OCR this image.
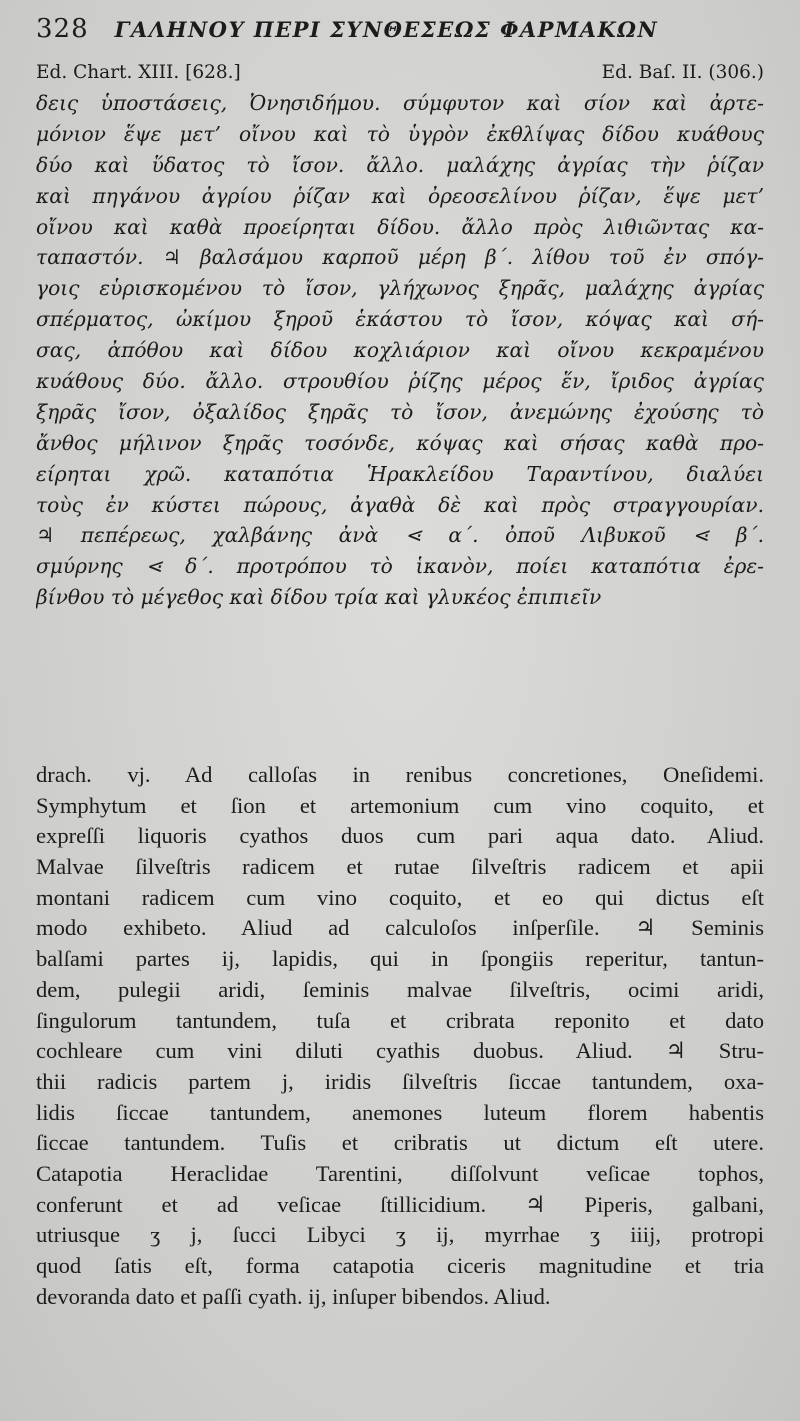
328 ΓΑΛΗΝΟΥ ΠΕΡΙ ΣΥΝΘΕΣΕΩΣ ΦΑΡΜΑΚΩΝ
Ed. Chart. XIII. [628.]	Ed. Baſ. II. (306.)
δεις ὑποστάσεις, Ὀνησιδήμου. σύμφυτον καὶ σίον καὶ ἀρτε-
μόνιον ἕψε μετ’ οἴνου καὶ τὸ ὑγρὸν ἐκθλίψας δίδου κυάθους
δύο καὶ ὕδατος τὸ ἴσον. ἄλλο. μαλάχης ἀγρίας τὴν ῥίζαν
καὶ πηγάνου ἀγρίου ῥίζαν καὶ ὀρεοσελίνου ῥίζαν, ἕψε μετ’
οἴνου καὶ καθὰ προείρηται δίδου. ἄλλο πρὸς λιθιῶντας κα-
ταπαστόν. ♃ βαλσάμου καρποῦ μέρη β΄. λίθου τοῦ ἐν σπόγ-
γοις εὑρισκομένου τὸ ἴσον, γλήχωνος ξηρᾶς, μαλάχης ἀγρίας
σπέρματος, ὠκίμου ξηροῦ ἑκάστου τὸ ἴσον, κόψας καὶ σή-
σας, ἀπόθου καὶ δίδου κοχλιάριον καὶ οἴνου κεκραμένου
κυάθους δύο. ἄλλο. στρουθίου ῥίζης μέρος ἕν, ἴριδος ἀγρίας
ξηρᾶς ἴσον, ὀξαλίδος ξηρᾶς τὸ ἴσον, ἀνεμώνης ἐχούσης τὸ
ἄνθος μήλινον ξηρᾶς τοσόνδε, κόψας καὶ σήσας καθὰ προ-
είρηται χρῶ. καταπότια Ἡρακλείδου Ταραντίνου, διαλύει
τοὺς ἐν κύστει πώρους, ἀγαθὰ δὲ καὶ πρὸς στραγγουρίαν.
♃ πεπέρεως, χαλβάνης ἀνὰ ⋖ α΄. ὀποῦ Λιβυκοῦ ⋖ β΄.
σμύρνης ⋖ δ΄. προτρόπου τὸ ἱκανὸν, ποίει καταπότια ἐρε-
βίνθου τὸ μέγεθος καὶ δίδου τρία καὶ γλυκέος ἐπιπιεῖν
drach. vj. Ad calloſas in renibus concretiones, Oneſidemi.
Symphytum et ſion et artemonium cum vino coquito, et
expreſſi liquoris cyathos duos cum pari aqua dato. Aliud.
Malvae ſilveſtris radicem et rutae ſilveſtris radicem et apii
montani radicem cum vino coquito, et eo qui dictus eſt
modo exhibeto. Aliud ad calculoſos inſperſile. ♃ Seminis
balſami partes ij, lapidis, qui in ſpongiis reperitur, tantun-
dem, pulegii aridi, ſeminis malvae ſilveſtris, ocimi aridi,
ſingulorum tantundem, tuſa et cribrata reponito et dato
cochleare cum vini diluti cyathis duobus. Aliud. ♃ Stru-
thii radicis partem j, iridis ſilveſtris ſiccae tantundem, oxa-
lidis ſiccae tantundem, anemones luteum florem habentis
ſiccae tantundem. Tuſis et cribratis ut dictum eſt utere.
Catapotia Heraclidae Tarentini, diſſolvunt veſicae tophos,
conferunt et ad veſicae ſtillicidium. ♃ Piperis, galbani,
utriusque ʒ j, ſucci Libyci ʒ ij, myrrhae ʒ iiij, protropi
quod ſatis eſt, forma catapotia ciceris magnitudine et tria
devoranda dato et paſſi cyath. ij, inſuper bibendos. Aliud.
